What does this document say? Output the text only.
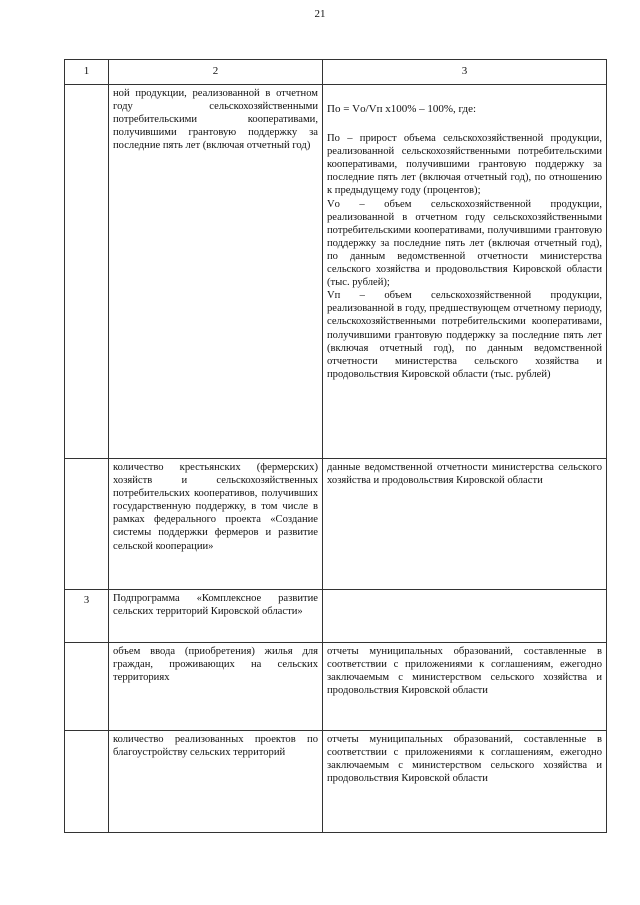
21
1	2	3
	ной продукции, реализованной в отчетном году сельскохозяйственными потребительскими кооперативами, получившими грантовую поддержку за последние пять лет (включая отчетный год)	По = Vо/Vп х100% – 100%, где:

По – прирост объема сельскохозяйственной продукции, реализованной сельскохозяйственными потребительскими кооперативами, получившими грантовую поддержку за последние пять лет (включая отчетный год), по отношению к предыдущему году (процентов);

Vо – объем сельскохозяйственной продукции, реализованной в отчетном году сельскохозяйственными потребительскими кооперативами, получившими грантовую поддержку за последние пять лет (включая отчетный год), по данным ведомственной отчетности министерства сельского хозяйства и продовольствия Кировской области (тыс. рублей);

Vп – объем сельскохозяйственной продукции, реализованной в году, предшествующем отчетному периоду, сельскохозяйственными потребительскими кооперативами, получившими грантовую поддержку за последние пять лет (включая отчетный год), по данным ведомственной отчетности министерства сельского хозяйства и продовольствия Кировской области (тыс. рублей)

	количество крестьянских (фермерских) хозяйств и сельскохозяйственных потребительских кооперативов, получивших государственную поддержку, в том числе в рамках федерального проекта «Создание системы поддержки фермеров и развитие сельской кооперации»	данные ведомственной отчетности министерства сельского хозяйства и продовольствия Кировской области
3	Подпрограмма «Комплексное развитие сельских территорий Кировской области»	
	объем ввода (приобретения) жилья для граждан, проживающих на сельских территориях	отчеты муниципальных образований, составленные в соответствии с приложениями к соглашениям, ежегодно заключаемым с министерством сельского хозяйства и продовольствия Кировской области
	количество реализованных проектов по благоустройству сельских территорий	отчеты муниципальных образований, составленные в соответствии с приложениями к соглашениям, ежегодно заключаемым с министерством сельского хозяйства и продовольствия Кировской области
